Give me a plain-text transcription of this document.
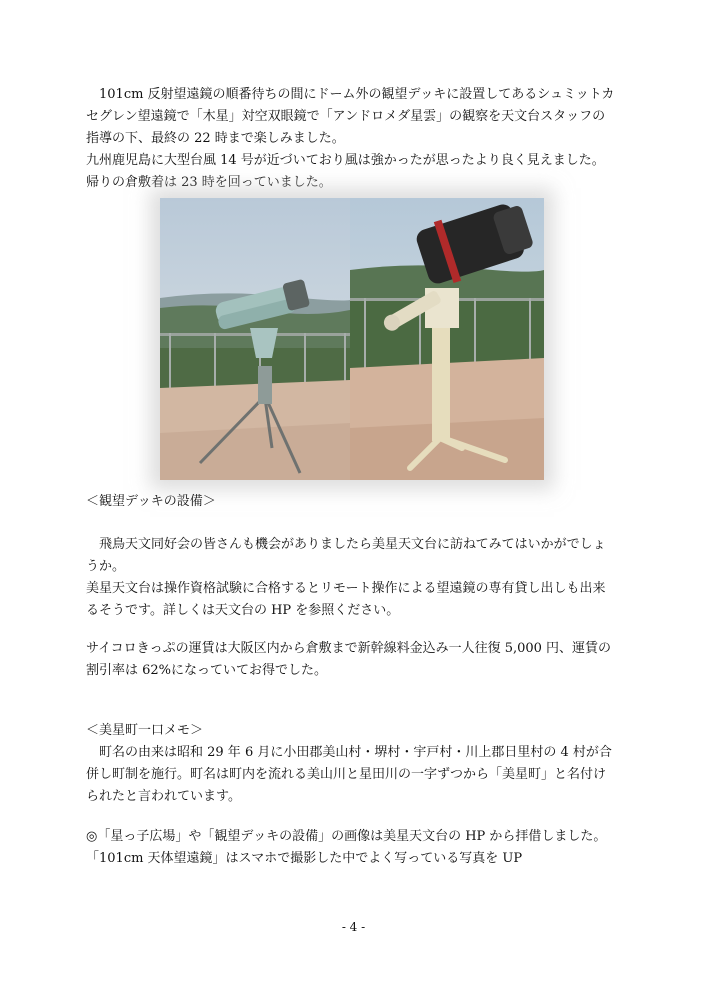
　101cm 反射望遠鏡の順番待ちの間にドーム外の観望デッキに設置してあるシュミットカ

セグレン望遠鏡で「木星」対空双眼鏡で「アンドロメダ星雲」の観察を天文台スタッフの

指導の下、最終の 22 時まで楽しみました。

九州鹿児島に大型台風 14 号が近づいており風は強かったが思ったより良く見えました。

帰りの倉敷着は 23 時を回っていました。

＜観望デッキの設備＞

　飛鳥天文同好会の皆さんも機会がありましたら美星天文台に訪ねてみてはいかがでしょ

うか。

美星天文台は操作資格試験に合格するとリモート操作による望遠鏡の専有貸し出しも出来

るそうです。詳しくは天文台の HP を参照ください。

サイコロきっぷの運賃は大阪区内から倉敷まで新幹線料金込み一人往復 5,000 円、運賃の

割引率は 62%になっていてお得でした。

＜美星町一口メモ＞

　町名の由来は昭和 29 年 6 月に小田郡美山村・堺村・宇戸村・川上郡日里村の 4 村が合

併し町制を施行。町名は町内を流れる美山川と星田川の一字ずつから「美星町」と名付け

られたと言われています。

◎「星っ子広場」や「観望デッキの設備」の画像は美星天文台の HP から拝借しました。

「101cm 天体望遠鏡」はスマホで撮影した中でよく写っている写真を UP

- 4 -
